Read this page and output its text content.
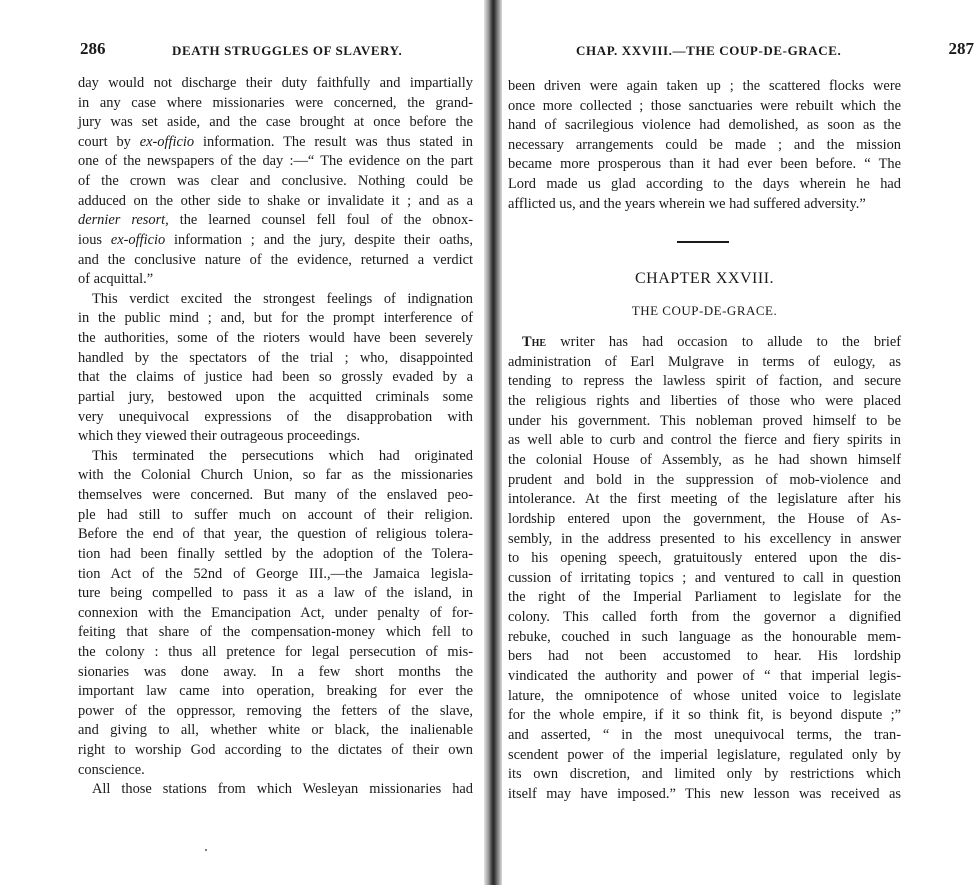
286	DEATH STRUGGLES OF SLAVERY.
day would not discharge their duty faithfully and impartially
in any case where missionaries were concerned, the grand-
jury was set aside, and the case brought at once before the
court by ex-officio information. The result was thus stated in
one of the newspapers of the day :—“ The evidence on the part
of the crown was clear and conclusive. Nothing could be
adduced on the other side to shake or invalidate it ; and as a
dernier resort, the learned counsel fell foul of the obnox-
ious ex-officio information ; and the jury, despite their oaths,
and the conclusive nature of the evidence, returned a verdict
of acquittal.”
This verdict excited the strongest feelings of indignation
in the public mind ; and, but for the prompt interference of
the authorities, some of the rioters would have been severely
handled by the spectators of the trial ; who, disappointed
that the claims of justice had been so grossly evaded by a
partial jury, bestowed upon the acquitted criminals some
very unequivocal expressions of the disapprobation with
which they viewed their outrageous proceedings.
This terminated the persecutions which had originated
with the Colonial Church Union, so far as the missionaries
themselves were concerned. But many of the enslaved peo-
ple had still to suffer much on account of their religion.
Before the end of that year, the question of religious tolera-
tion had been finally settled by the adoption of the Tolera-
tion Act of the 52nd of George III.,—the Jamaica legisla-
ture being compelled to pass it as a law of the island, in
connexion with the Emancipation Act, under penalty of for-
feiting that share of the compensation-money which fell to
the colony : thus all pretence for legal persecution of mis-
sionaries was done away. In a few short months the
important law came into operation, breaking for ever the
power of the oppressor, removing the fetters of the slave,
and giving to all, whether white or black, the inalienable
right to worship God according to the dictates of their own
conscience.
All those stations from which Wesleyan missionaries had
CHAP. XXVIII.—THE COUP-DE-GRACE.	287
been driven were again taken up ; the scattered flocks were
once more collected ; those sanctuaries were rebuilt which the
hand of sacrilegious violence had demolished, as soon as the
necessary arrangements could be made ; and the mission
became more prosperous than it had ever been before. “ The
Lord made us glad according to the days wherein he had
afflicted us, and the years wherein we had suffered adversity.”
CHAPTER XXVIII.
THE COUP-DE-GRACE.
The writer has had occasion to allude to the brief
administration of Earl Mulgrave in terms of eulogy, as
tending to repress the lawless spirit of faction, and secure
the religious rights and liberties of those who were placed
under his government. This nobleman proved himself to be
as well able to curb and control the fierce and fiery spirits in
the colonial House of Assembly, as he had shown himself
prudent and bold in the suppression of mob-violence and
intolerance. At the first meeting of the legislature after his
lordship entered upon the government, the House of As-
sembly, in the address presented to his excellency in answer
to his opening speech, gratuitously entered upon the dis-
cussion of irritating topics ; and ventured to call in question
the right of the Imperial Parliament to legislate for the
colony. This called forth from the governor a dignified
rebuke, couched in such language as the honourable mem-
bers had not been accustomed to hear. His lordship
vindicated the authority and power of “ that imperial legis-
lature, the omnipotence of whose united voice to legislate
for the whole empire, if it so think fit, is beyond dispute ;”
and asserted, “ in the most unequivocal terms, the tran-
scendent power of the imperial legislature, regulated only by
its own discretion, and limited only by restrictions which
itself may have imposed.” This new lesson was received as
